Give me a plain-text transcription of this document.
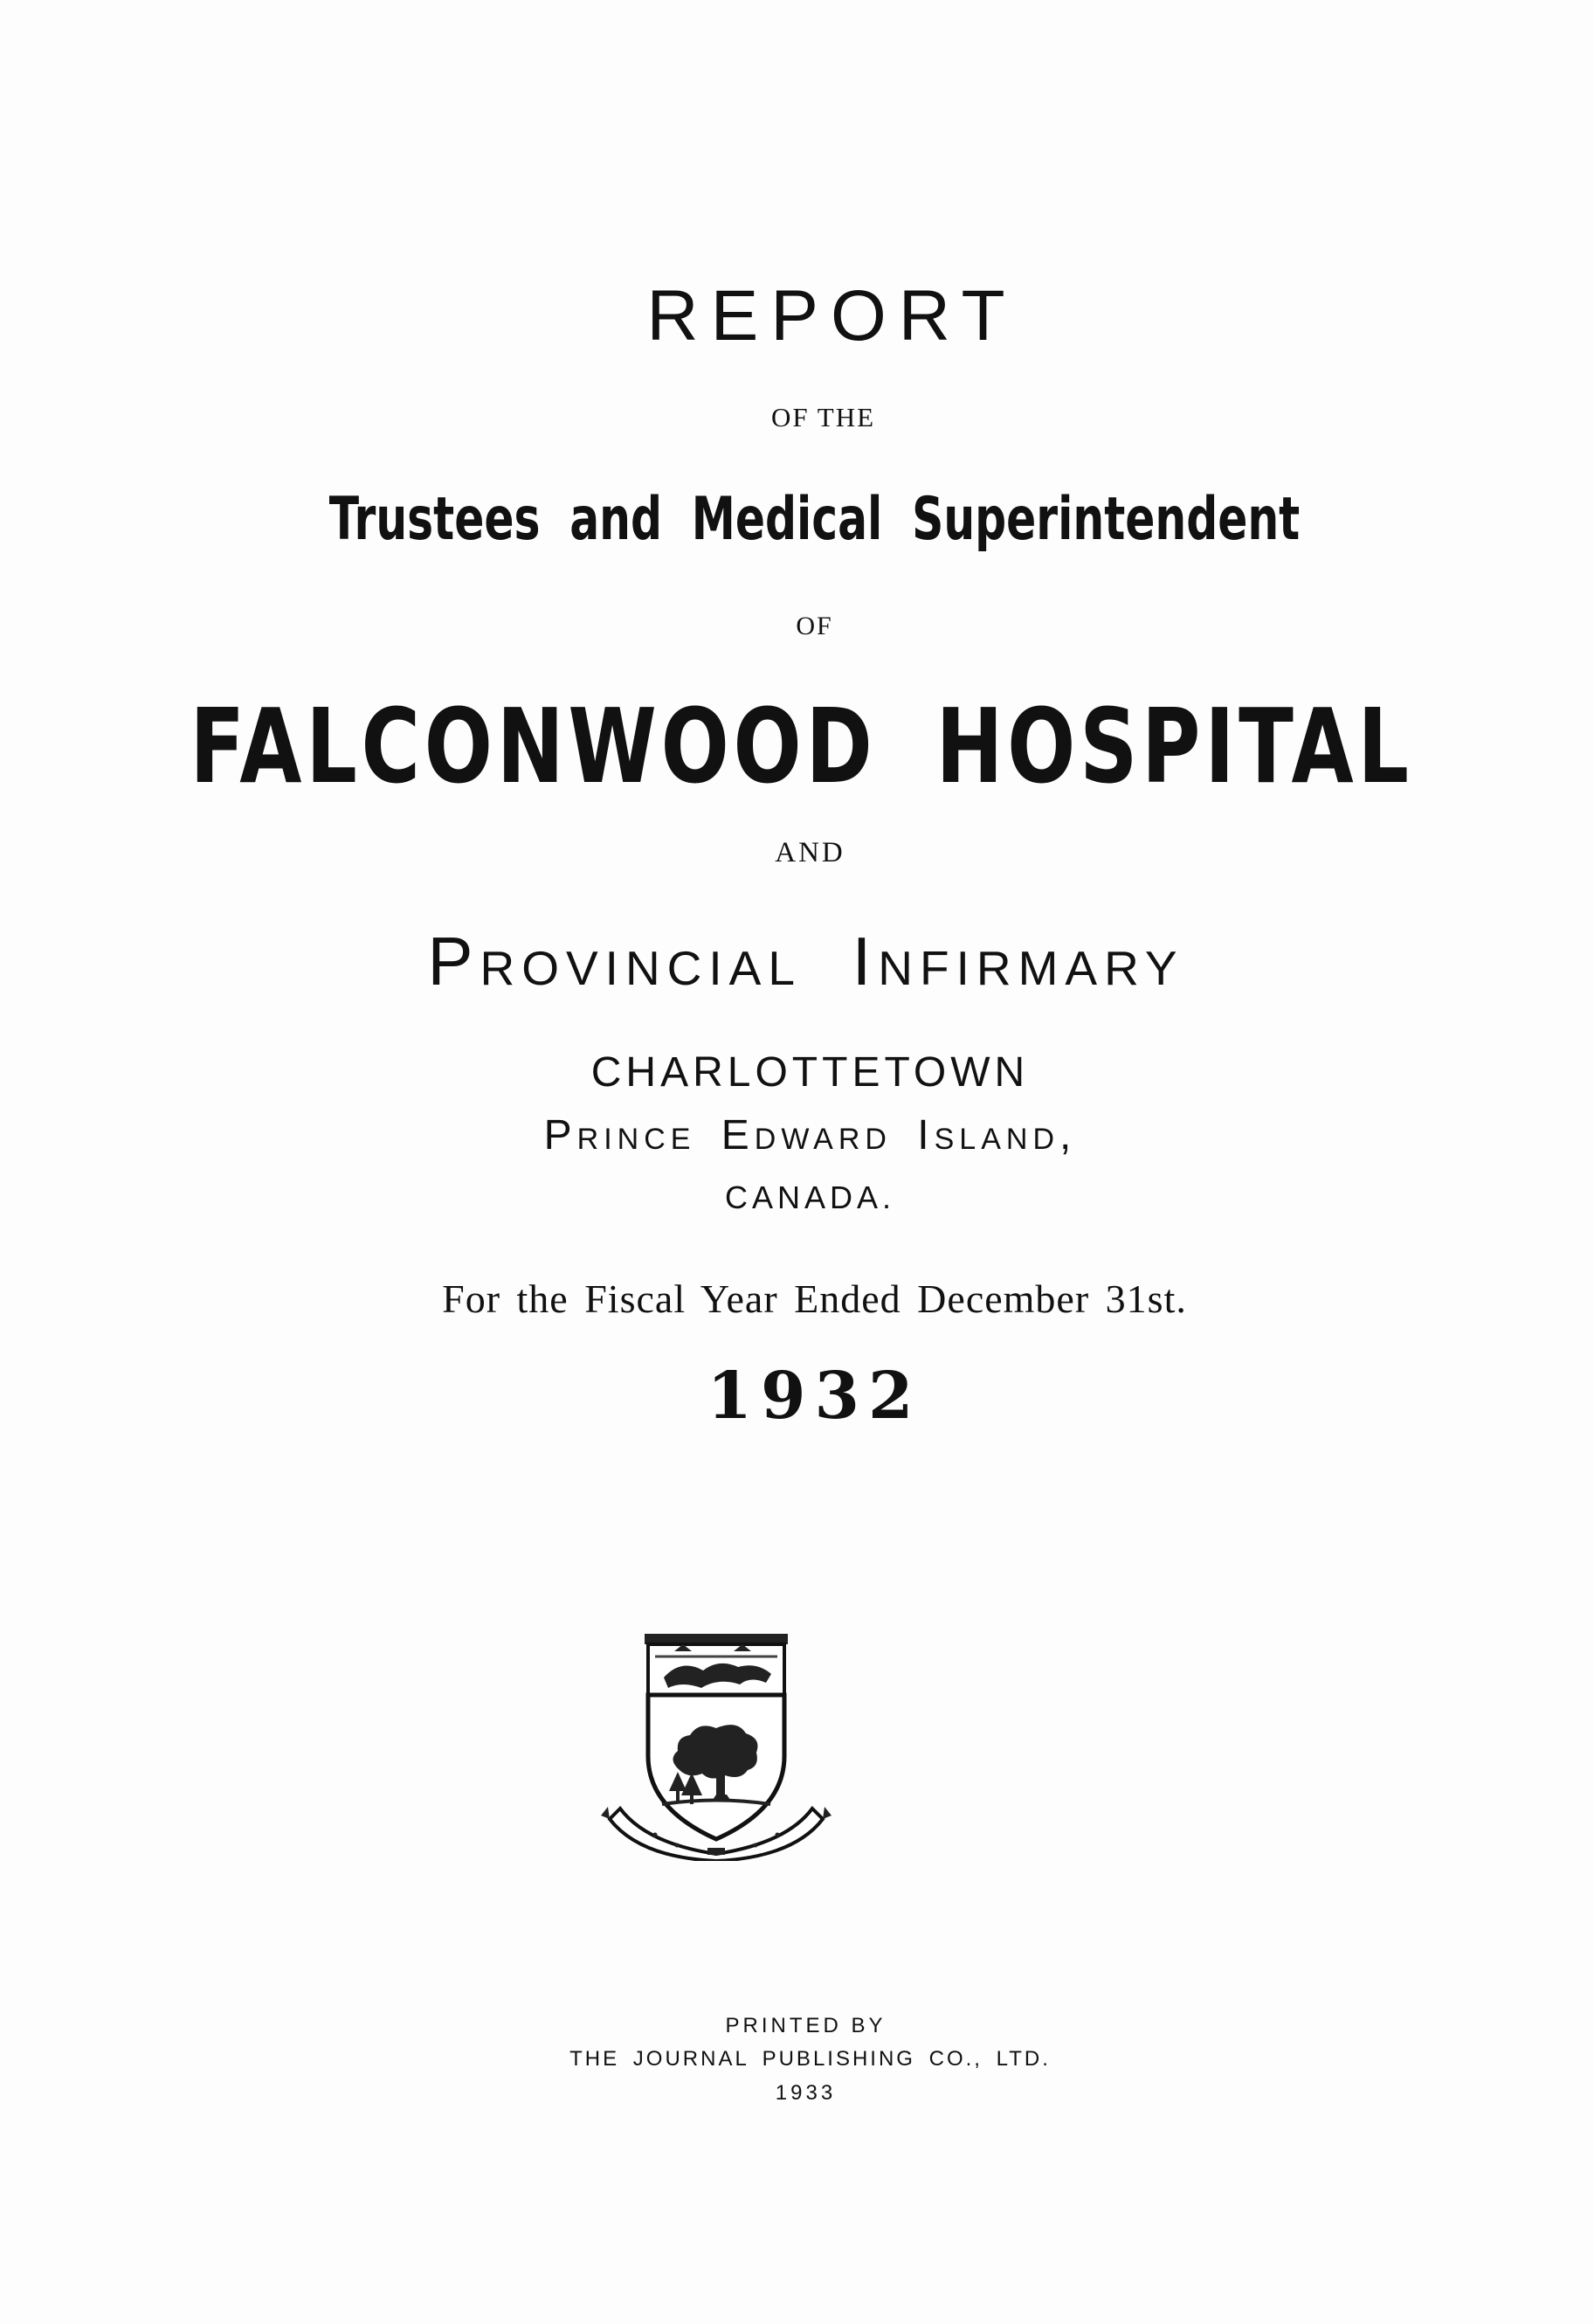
REPORT

OF THE

Trustees and Medical Superintendent

OF

FALCONWOOD HOSPITAL

AND

Provincial Infirmary

CHARLOTTETOWN

Prince Edward Island,

CANADA.

For the Fiscal Year Ended December 31st.

1932

PRINTED BY

THE JOURNAL PUBLISHING CO., LTD.

1933
